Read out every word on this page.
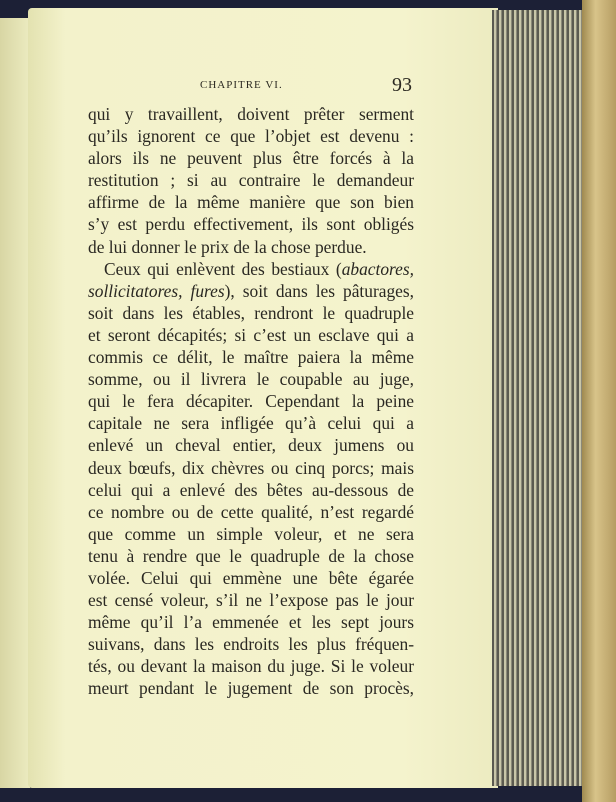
CHAPITRE VI.	93
qui y travaillent, doivent prêter serment
qu’ils ignorent ce que l’objet est devenu :
alors ils ne peuvent plus être forcés à la
restitution ; si au contraire le demandeur
affirme de la même manière que son bien
s’y est perdu effectivement, ils sont obligés
de lui donner le prix de la chose perdue.
Ceux qui enlèvent des bestiaux (abactores,
sollicitatores, fures), soit dans les pâturages,
soit dans les étables, rendront le quadruple
et seront décapités; si c’est un esclave qui a
commis ce délit, le maître paiera la même
somme, ou il livrera le coupable au juge,
qui le fera décapiter. Cependant la peine
capitale ne sera infligée qu’à celui qui a
enlevé un cheval entier, deux jumens ou
deux bœufs, dix chèvres ou cinq porcs; mais
celui qui a enlevé des bêtes au-dessous de
ce nombre ou de cette qualité, n’est regardé
que comme un simple voleur, et ne sera
tenu à rendre que le quadruple de la chose
volée. Celui qui emmène une bête égarée
est censé voleur, s’il ne l’expose pas le jour
même qu’il l’a emmenée et les sept jours
suivans, dans les endroits les plus fréquen-
tés, ou devant la maison du juge. Si le voleur
meurt pendant le jugement de son procès,
